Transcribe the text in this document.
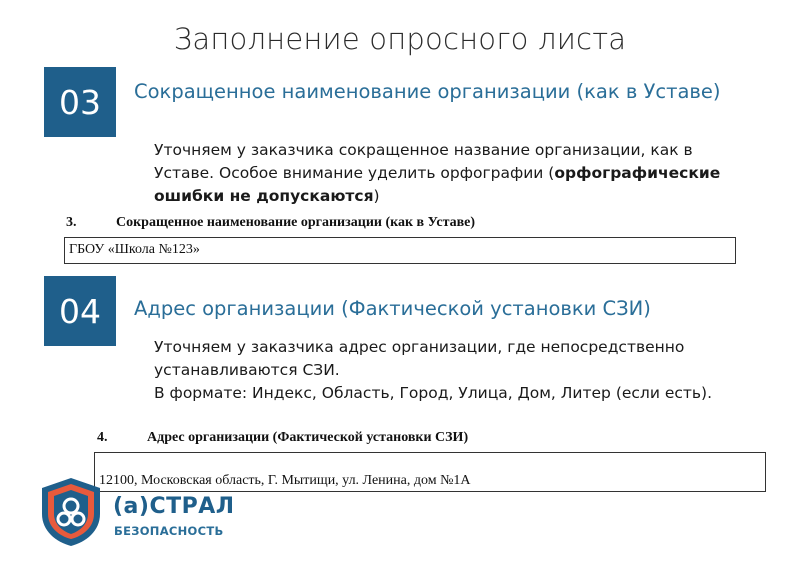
Заполнение опросного листа
03	Сокращенное наименование организации (как в Уставе)
Уточняем у заказчика сокращенное название организации, как в Уставе. Особое внимание уделить орфографии (орфографические ошибки не допускаются)
3.	Сокращенное наименование организации (как в Уставе)
ГБОУ «Школа №123»
04	Адрес организации (Фактической установки СЗИ)
Уточняем у заказчика адрес организации, где непосредственно устанавливаются СЗИ.
В формате: Индекс, Область, Город, Улица, Дом, Литер (если есть).
4.	Адрес организации (Фактической установки СЗИ)
12100, Московская область, Г. Мытищи, ул. Ленина, дом №1А
(а)СТРАЛ
БЕЗОПАСНОСТЬ
